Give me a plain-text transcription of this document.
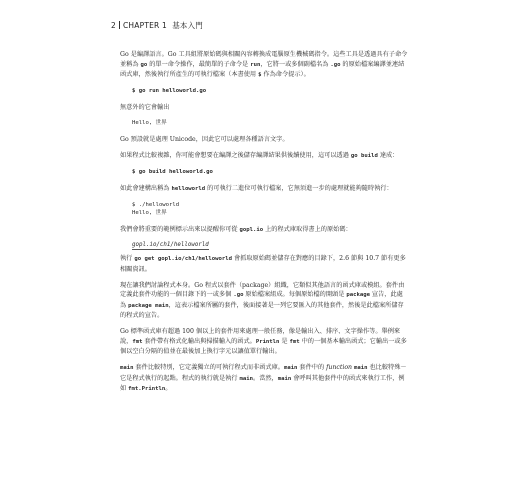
2 CHAPTER 1 基本入門

Go 是編譯語言。Go 工具組將原始碼與相關內容轉換成電腦原生機械碼指令。這些工具是透過具有子命令並稱為 go 的單一命令操作，最簡單的子命令是 run，它將一或多個副檔名為 .go 的原始檔案編譯並連結函式庫，然後執行所產生的可執行檔案（本書使用 $ 作為命令提示）。

$ go run helloworld.go

無意外的它會輸出

Hello, 世界

Go 預設就是處理 Unicode，因此它可以處理各種語言文字。

如果程式比較複雜，你可能會想要在編譯之後儲存編譯結果供後續使用，這可以透過 go build 達成：

$ go build helloworld.go

如此會建構出稱為 helloworld 的可執行二進位可執行檔案，它無須進一步的處理就能夠隨時執行：

$ ./helloworld
Hello, 世界

我們會將重要的範例標示出來以提醒你可從 gopl.io 上的程式庫取得書上的原始碼：

gopl.io/ch1/helloworld

執行 go get gopl.io/ch1/helloworld 會抓取原始碼並儲存在對應的目錄下，2.6 節與 10.7 節有更多相關資訊。

現在讓我們討論程式本身。Go 程式以套件（package）組織，它類似其他語言的函式庫或模組。套件由定義此套件功能的一個目錄下的一或多個 .go 原始檔案組成。每個原始檔的開頭是 package 宣告，此處為 package main，這表示檔案所屬的套件，後面接著是一列它要匯入的其他套件，然後是此檔案所儲存的程式的宣告。

Go 標準函式庫有超過 100 個以上的套件用來處理一般任務，像是輸出入、排序、文字操作等。舉例來說，fmt 套件帶有格式化輸出與掃描輸入的函式。Println 是 fmt 中的一個基本輸出函式；它輸出一或多個以空白分隔的值並在最後加上換行字元以讓值單行輸出。

main 套件比較特別，它定義獨立的可執行程式而非函式庫。main 套件中的 function main 也比較特殊－它是程式執行的起點。程式的執行就是執行 main。當然，main 會呼叫其他套件中的函式來執行工作，例如 fmt.Println。
